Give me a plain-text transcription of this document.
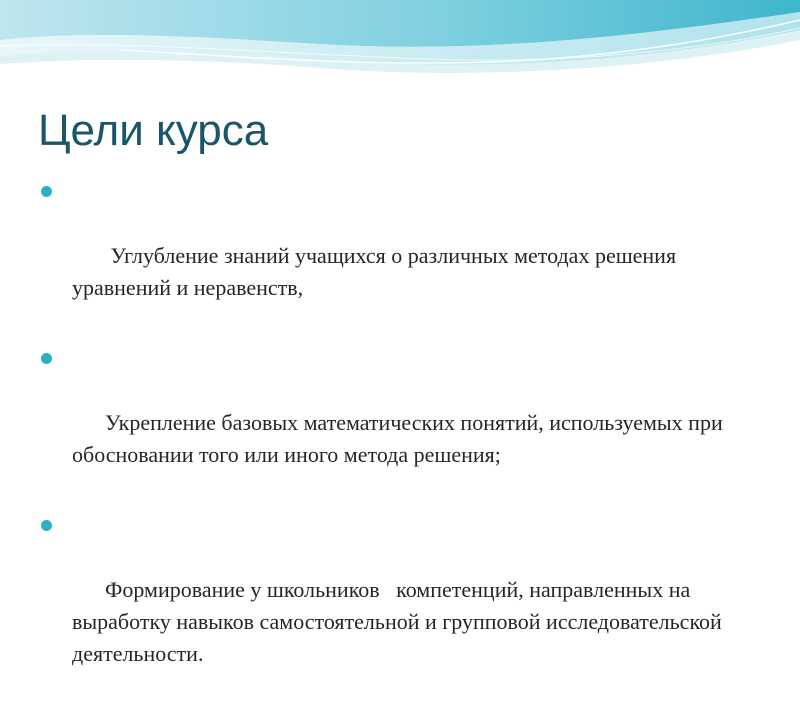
Цели курса

Углубление знаний учащихся о различных методах решения   уравнений и неравенств,

Укрепление базовых математических понятий, используемых при обосновании того или иного метода решения;

Формирование у школьников   компетенций, направленных на выработку навыков самостоятельной и групповой исследовательской деятельности.
